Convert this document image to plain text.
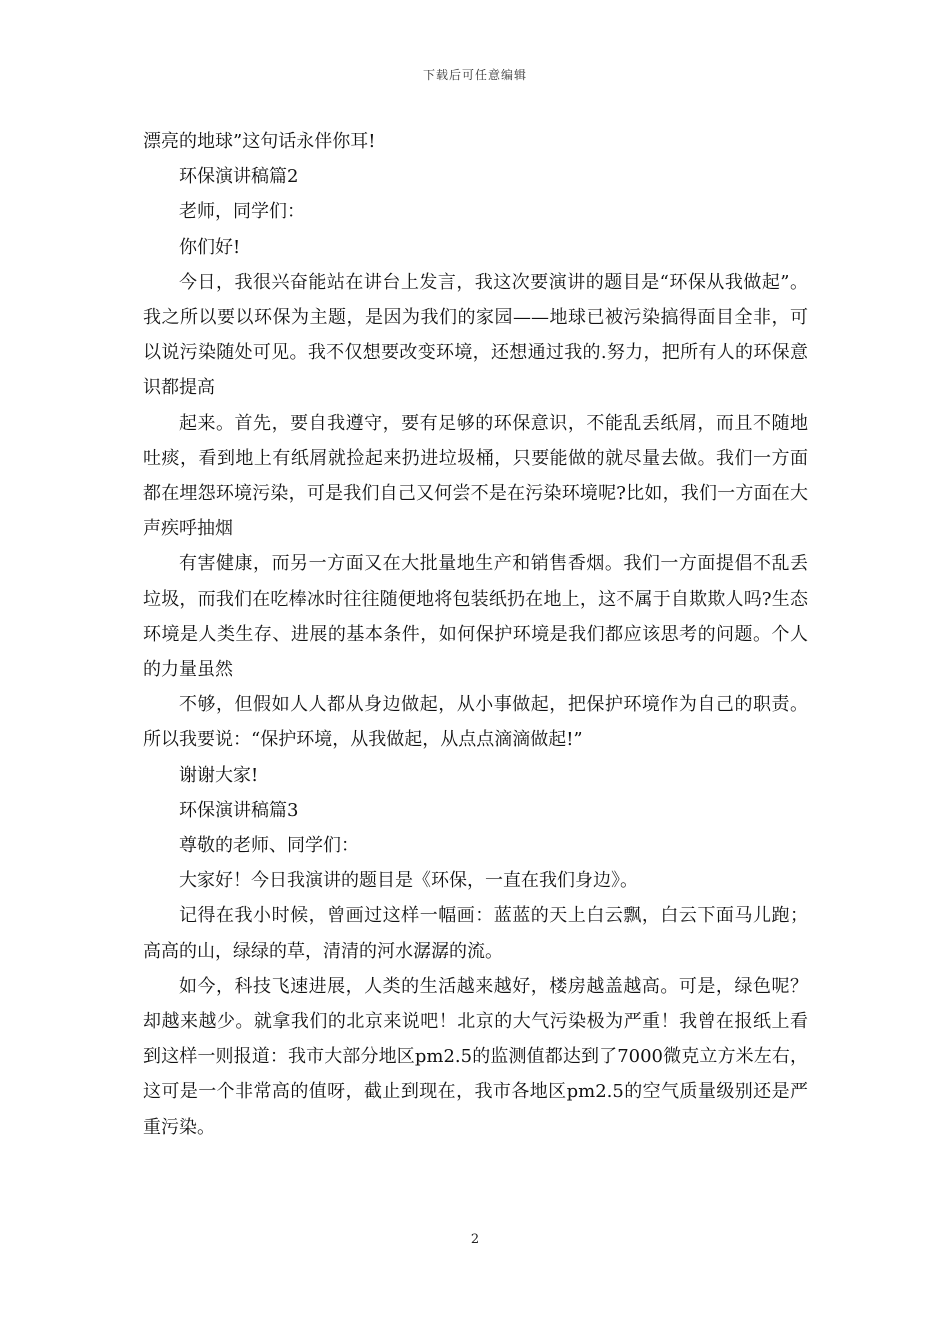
下载后可任意编辑

漂亮的地球”这句话永伴你耳!

环保演讲稿篇2

老师，同学们：

你们好!

今日，我很兴奋能站在讲台上发言，我这次要演讲的题目是“环保从我做起”。我之所以要以环保为主题，是因为我们的家园——地球已被污染搞得面目全非，可以说污染随处可见。我不仅想要改变环境，还想通过我的.努力，把所有人的环保意识都提高

起来。首先，要自我遵守，要有足够的环保意识，不能乱丢纸屑，而且不随地吐痰，看到地上有纸屑就捡起来扔进垃圾桶，只要能做的就尽量去做。我们一方面都在埋怨环境污染，可是我们自己又何尝不是在污染环境呢?比如，我们一方面在大声疾呼抽烟

有害健康，而另一方面又在大批量地生产和销售香烟。我们一方面提倡不乱丢垃圾，而我们在吃棒冰时往往随便地将包装纸扔在地上，这不属于自欺欺人吗?生态环境是人类生存、进展的基本条件，如何保护环境是我们都应该思考的问题。个人的力量虽然

不够，但假如人人都从身边做起，从小事做起，把保护环境作为自己的职责。所以我要说：“保护环境，从我做起，从点点滴滴做起!”

谢谢大家!

环保演讲稿篇3

尊敬的老师、同学们：

大家好！今日我演讲的题目是《环保，一直在我们身边》。

记得在我小时候，曾画过这样一幅画：蓝蓝的天上白云飘，白云下面马儿跑；高高的山，绿绿的草，清清的河水潺潺的流。

如今，科技飞速进展，人类的生活越来越好，楼房越盖越高。可是，绿色呢？却越来越少。就拿我们的北京来说吧！北京的大气污染极为严重！我曾在报纸上看到这样一则报道：我市大部分地区pm2.5的监测值都达到了7000微克立方米左右，这可是一个非常高的值呀，截止到现在，我市各地区pm2.5的空气质量级别还是严重污染。

2
